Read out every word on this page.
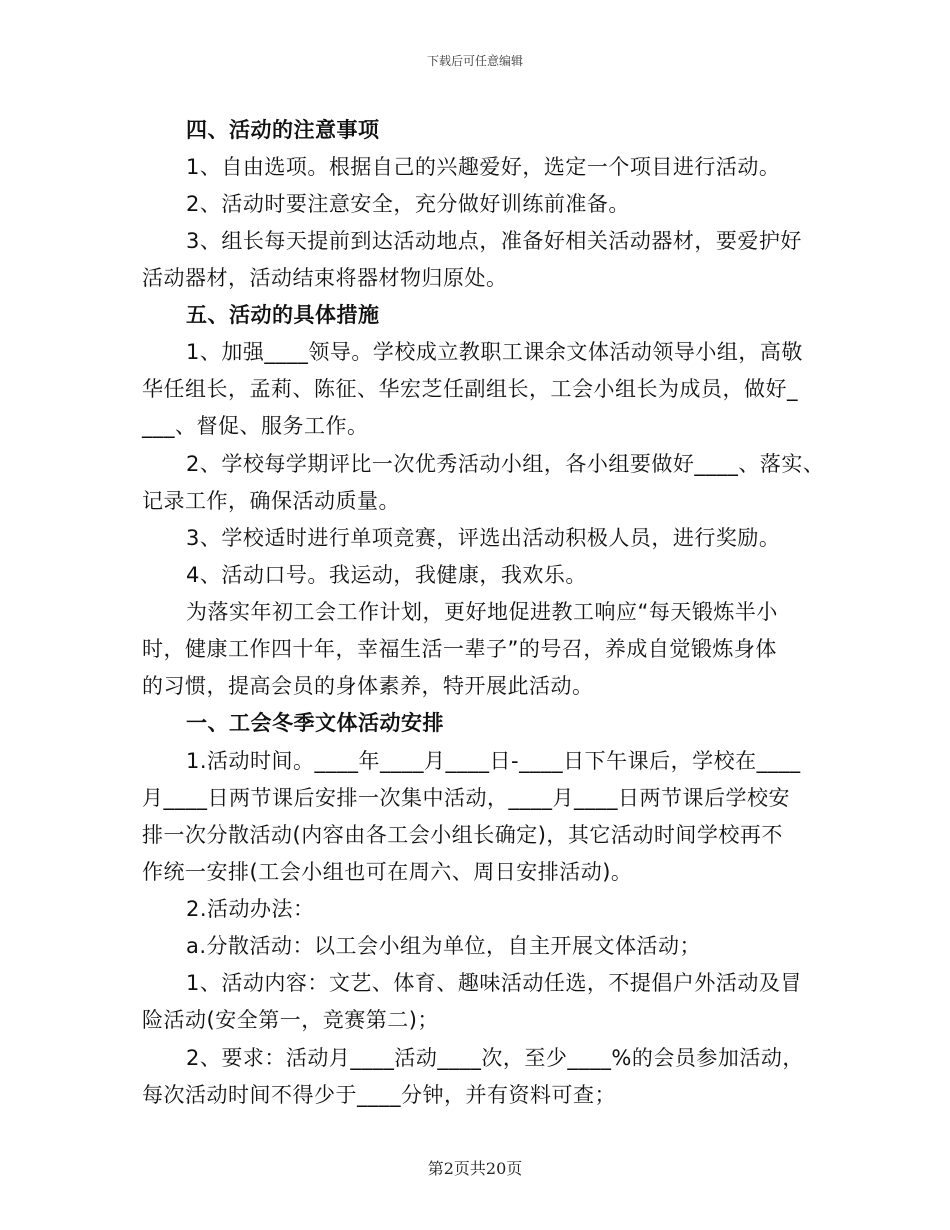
下载后可任意编辑
四、活动的注意事项
1、自由选项。根据自己的兴趣爱好，选定一个项目进行活动。
2、活动时要注意安全，充分做好训练前准备。
3、组长每天提前到达活动地点，准备好相关活动器材，要爱护好
活动器材，活动结束将器材物归原处。
五、活动的具体措施
1、加强____领导。学校成立教职工课余文体活动领导小组，高敬
华任组长，孟莉、陈征、华宏芝任副组长，工会小组长为成员，做好_
___、督促、服务工作。
2、学校每学期评比一次优秀活动小组，各小组要做好____、落实、
记录工作，确保活动质量。
3、学校适时进行单项竞赛，评选出活动积极人员，进行奖励。
4、活动口号。我运动，我健康，我欢乐。
为落实年初工会工作计划，更好地促进教工响应“每天锻炼半小
时，健康工作四十年，幸福生活一辈子”的号召，养成自觉锻炼身体
的习惯，提高会员的身体素养，特开展此活动。
一、工会冬季文体活动安排
1.活动时间。____年____月____日-____日下午课后，学校在____
月____日两节课后安排一次集中活动，____月____日两节课后学校安
排一次分散活动(内容由各工会小组长确定)，其它活动时间学校再不
作统一安排(工会小组也可在周六、周日安排活动)。
2.活动办法：
a.分散活动：以工会小组为单位，自主开展文体活动；
1、活动内容：文艺、体育、趣味活动任选，不提倡户外活动及冒
险活动(安全第一，竞赛第二)；
2、要求：活动月____活动____次，至少____%的会员参加活动，
每次活动时间不得少于____分钟，并有资料可查；
第2页共20页
